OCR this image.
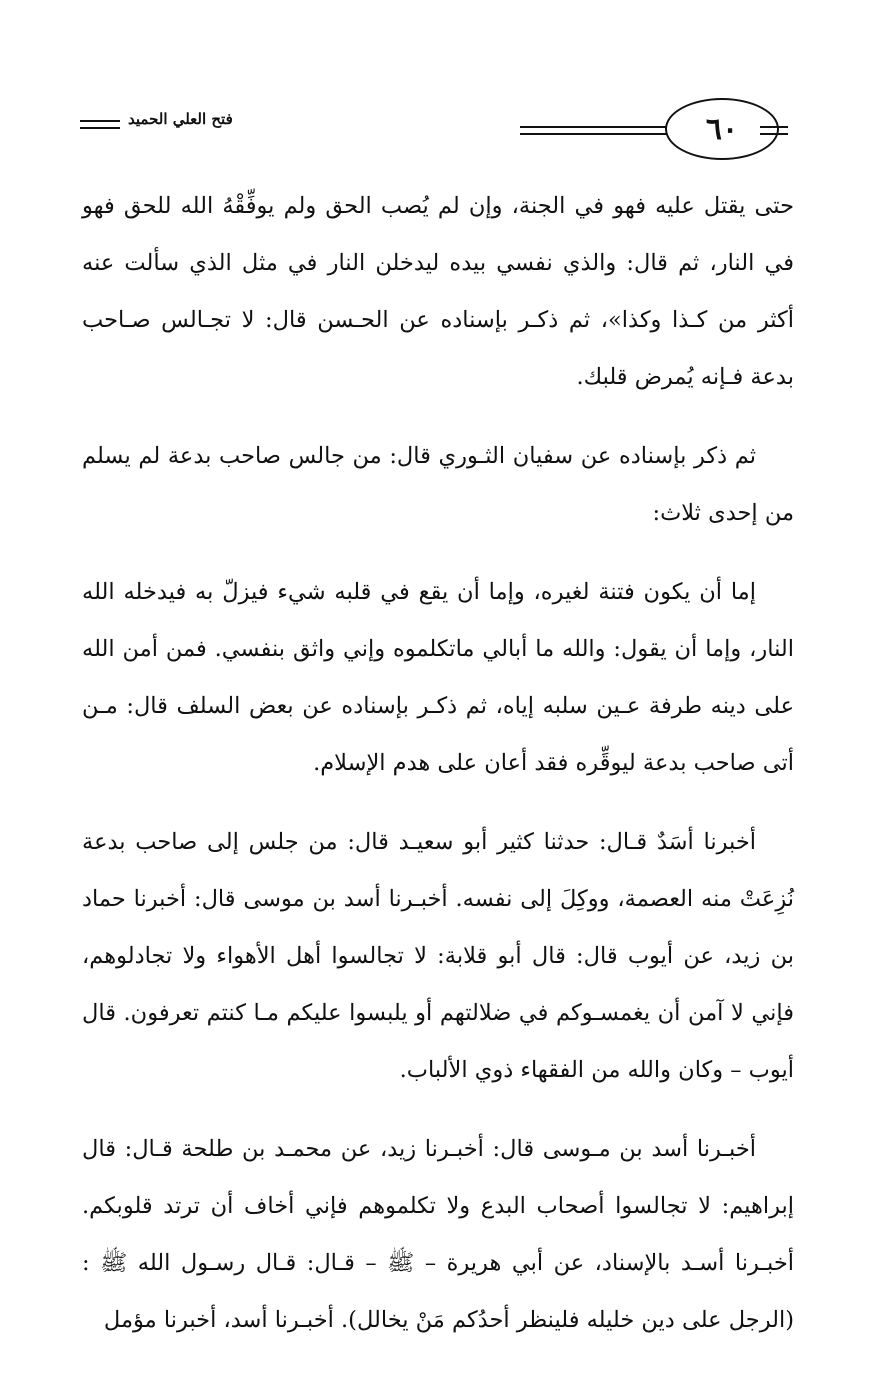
فتح العلي الحميد	٦٠

حتى يقتل عليه فهو في الجنة، وإن لم يُصب الحق ولم يوفِّقْهُ الله للحق فهو في النار، ثم قال: والذي نفسي بيده ليدخلن النار في مثل الذي سألت عنه أكثر من كـذا وكذا»، ثم ذكـر بإسناده عن الحـسن قال: لا تجـالس صـاحب بدعة فـإنه يُمرض قلبك.

ثم ذكر بإسناده عن سفيان الثـوري قال: من جالس صاحب بدعة لم يسلم من إحدى ثلاث:

إما أن يكون فتنة لغيره، وإما أن يقع في قلبه شيء فيزلّ به فيدخله الله النار، وإما أن يقول: والله ما أبالي ماتكلموه وإني واثق بنفسي. فمن أمن الله على دينه طرفة عـين سلبه إياه، ثم ذكـر بإسناده عن بعض السلف قال: مـن أتى صاحب بدعة ليوقِّره فقد أعان على هدم الإسلام.

أخبرنا أسَدٌ قـال: حدثنا كثير أبو سعيـد قال: من جلس إلى صاحب بدعة نُزِعَتْ منه العصمة، ووكِلَ إلى نفسه. أخبـرنا أسد بن موسى قال: أخبرنا حماد بن زيد، عن أيوب قال: قال أبو قلابة: لا تجالسوا أهل الأهواء ولا تجادلوهم، فإني لا آمن أن يغمسـوكم في ضلالتهم أو يلبسوا عليكم مـا كنتم تعرفون. قال أيوب – وكان والله من الفقهاء ذوي الألباب.

أخبـرنا أسد بن مـوسى قال: أخبـرنا زيد، عن محمـد بن طلحة قـال: قال إبراهيم: لا تجالسوا أصحاب البدع ولا تكلموهم فإني أخاف أن ترتد قلوبكم. أخبـرنا أسـد بالإسناد، عن أبي هريرة – ﷺ – قـال: قـال رسـول الله ﷺ : (الرجل على دين خليله فلينظر أحدُكم مَنْ يخالل). أخبـرنا أسد، أخبرنا مؤمل
